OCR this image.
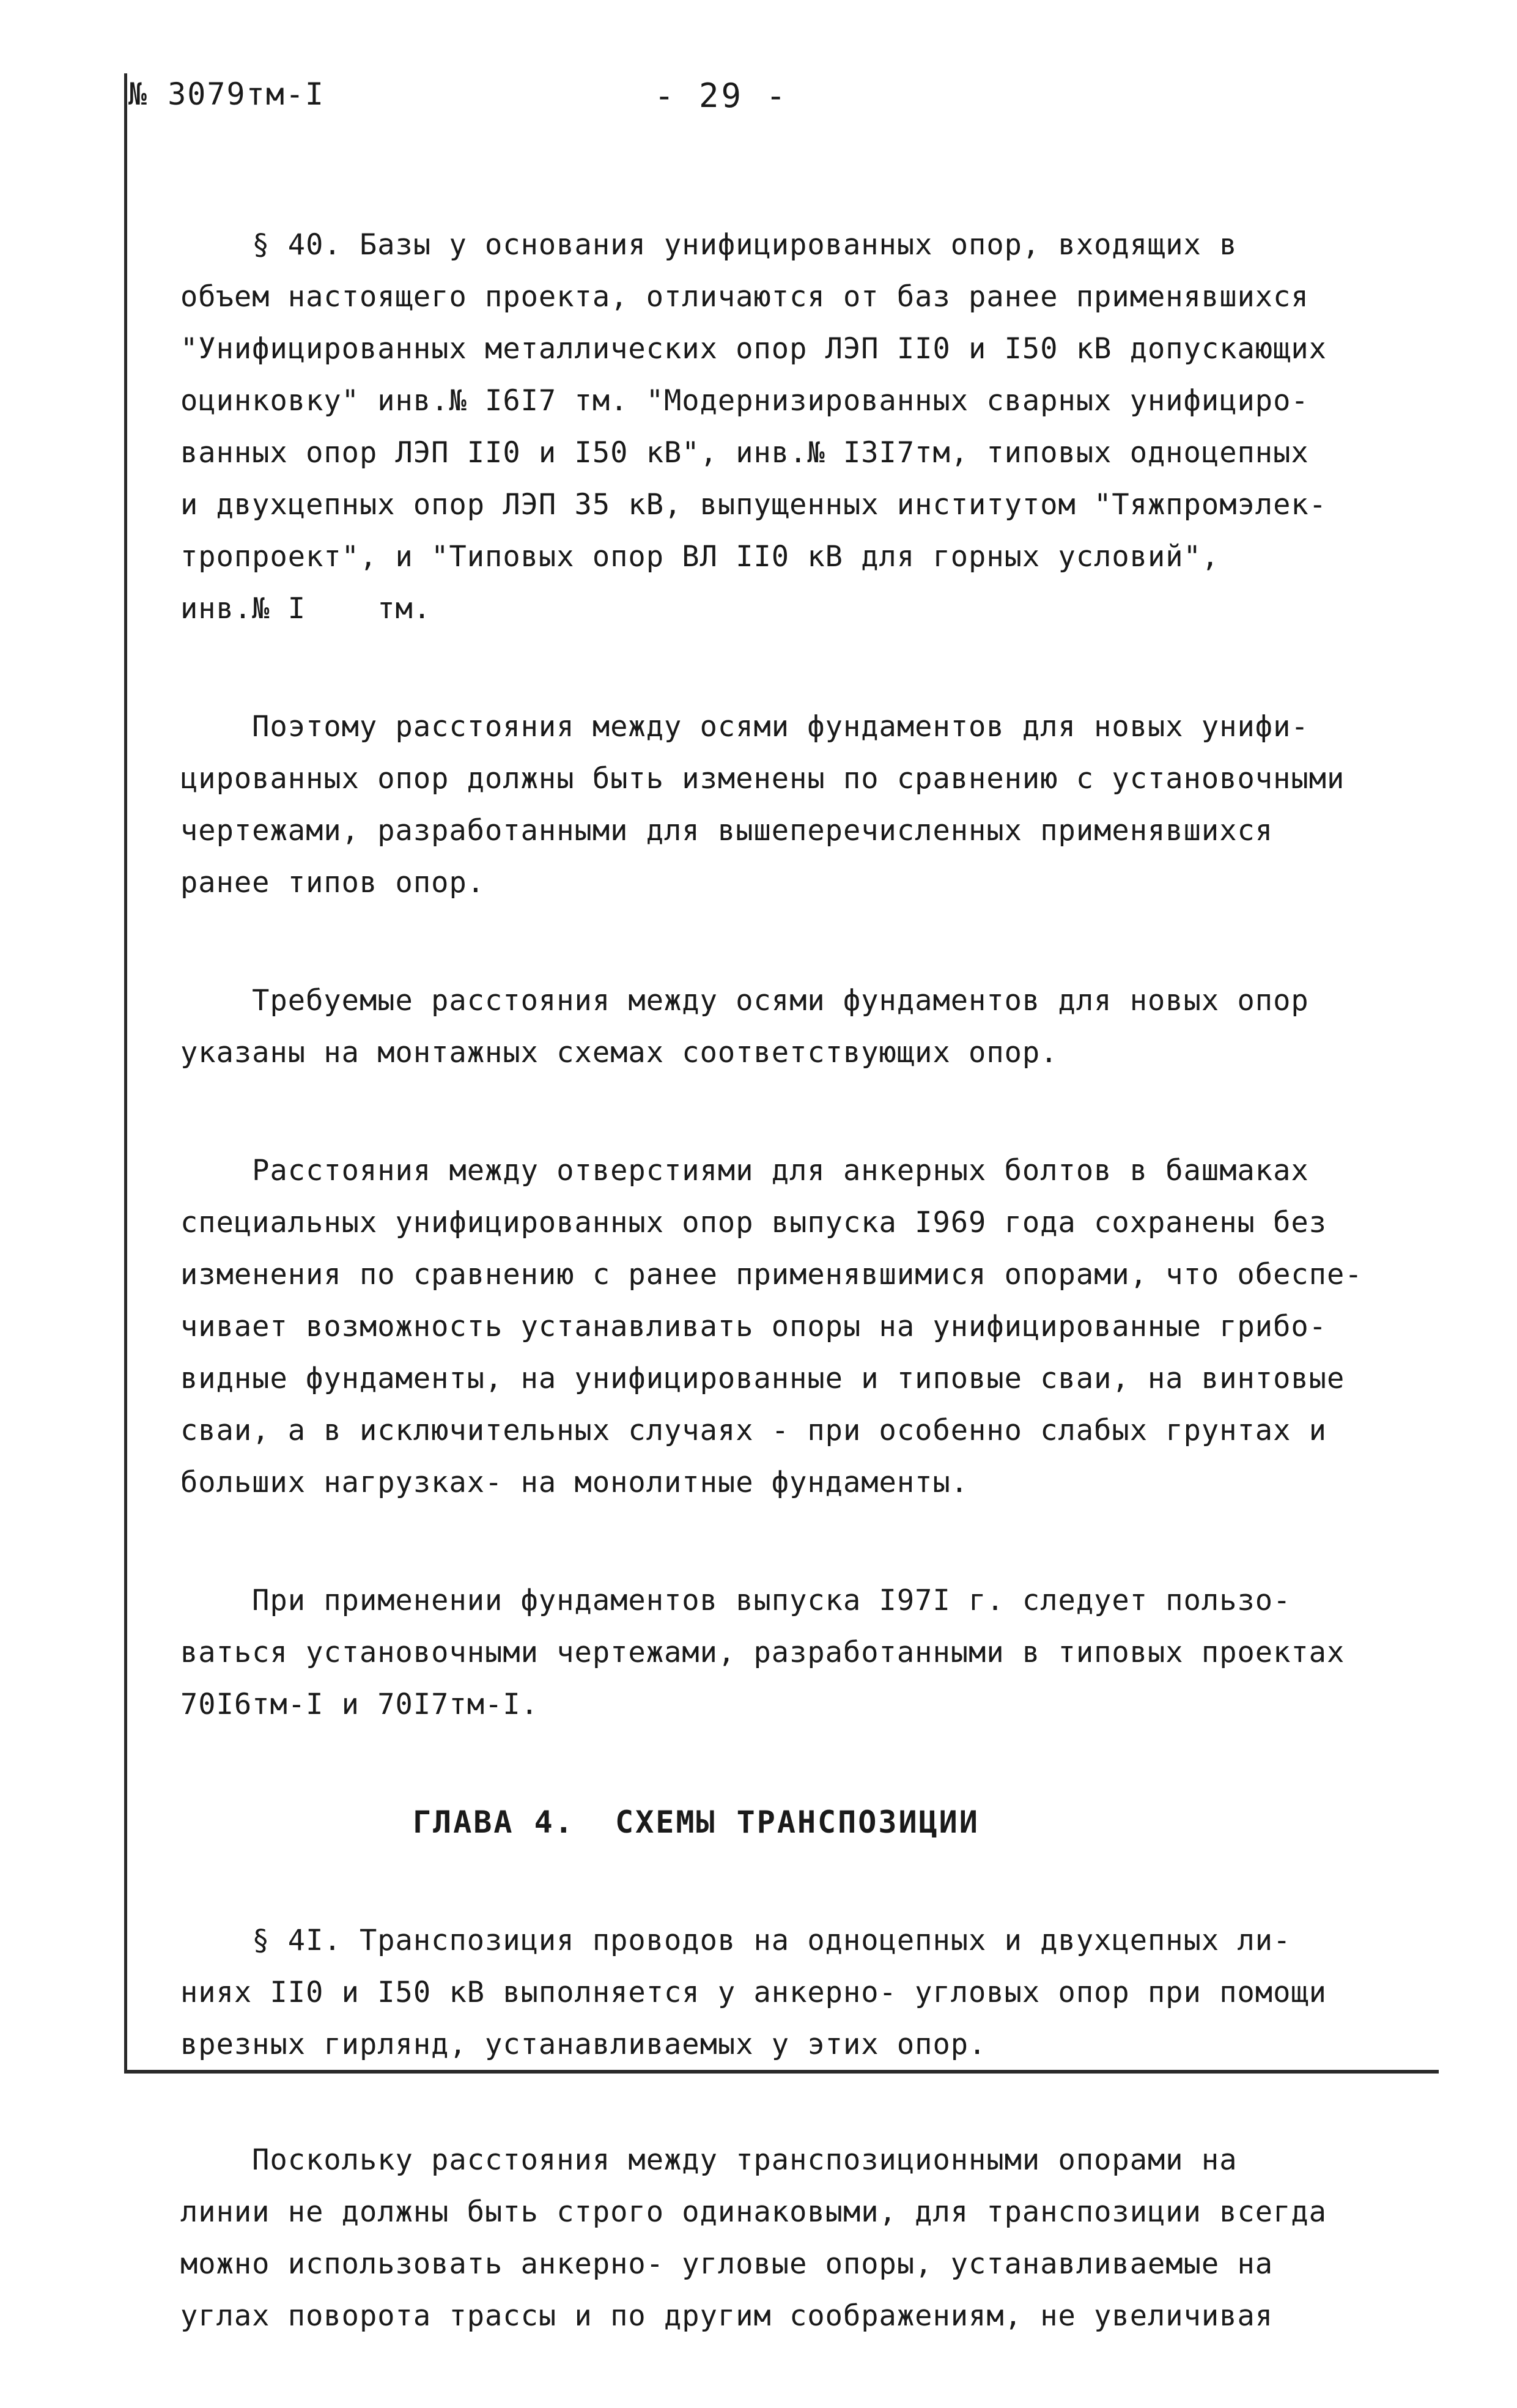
№ 3079тм-I	- 29 -

§ 40. Базы у основания унифицированных опор, входящих в

объем настоящего проекта, отличаются от баз ранее применявшихся

"Унифицированных металлических опор ЛЭП II0 и I50 кВ допускающих

оцинковку" инв.№ I6I7 тм. "Модернизированных сварных унифициро-

ванных опор ЛЭП II0 и I50 кВ", инв.№ I3I7тм, типовых одноцепных

и двухцепных опор ЛЭП 35 кВ, выпущенных институтом "Тяжпромэлек-

тропроект", и "Типовых опор ВЛ II0 кВ для горных условий",

инв.№ I    тм.

Поэтому расстояния между осями фундаментов для новых унифи-

цированных опор должны быть изменены по сравнению с установочными

чертежами, разработанными для вышеперечисленных применявшихся

ранее типов опор.

Требуемые расстояния между осями фундаментов для новых опор

указаны на монтажных схемах соответствующих опор.

Расстояния между отверстиями для анкерных болтов в башмаках

специальных унифицированных опор выпуска I969 года сохранены без

изменения по сравнению с ранее применявшимися опорами, что обеспе-

чивает возможность устанавливать опоры на унифицированные грибо-

видные фундаменты, на унифицированные и типовые сваи, на винтовые

сваи, а в исключительных случаях - при особенно слабых грунтах и

больших нагрузках- на монолитные фундаменты.

При применении фундаментов выпуска I97I г. следует пользо-

ваться установочными чертежами, разработанными в типовых проектах

70I6тм-I и 70I7тм-I.

ГЛАВА 4.  СХЕМЫ ТРАНСПОЗИЦИИ

§ 4I. Транспозиция проводов на одноцепных и двухцепных ли-

ниях II0 и I50 кВ выполняется у анкерно- угловых опор при помощи

врезных гирлянд, устанавливаемых у этих опор.

Поскольку расстояния между транспозиционными опорами на

линии не должны быть строго одинаковыми, для транспозиции всегда

можно использовать анкерно- угловые опоры, устанавливаемые на

углах поворота трассы и по другим соображениям, не увеличивая
